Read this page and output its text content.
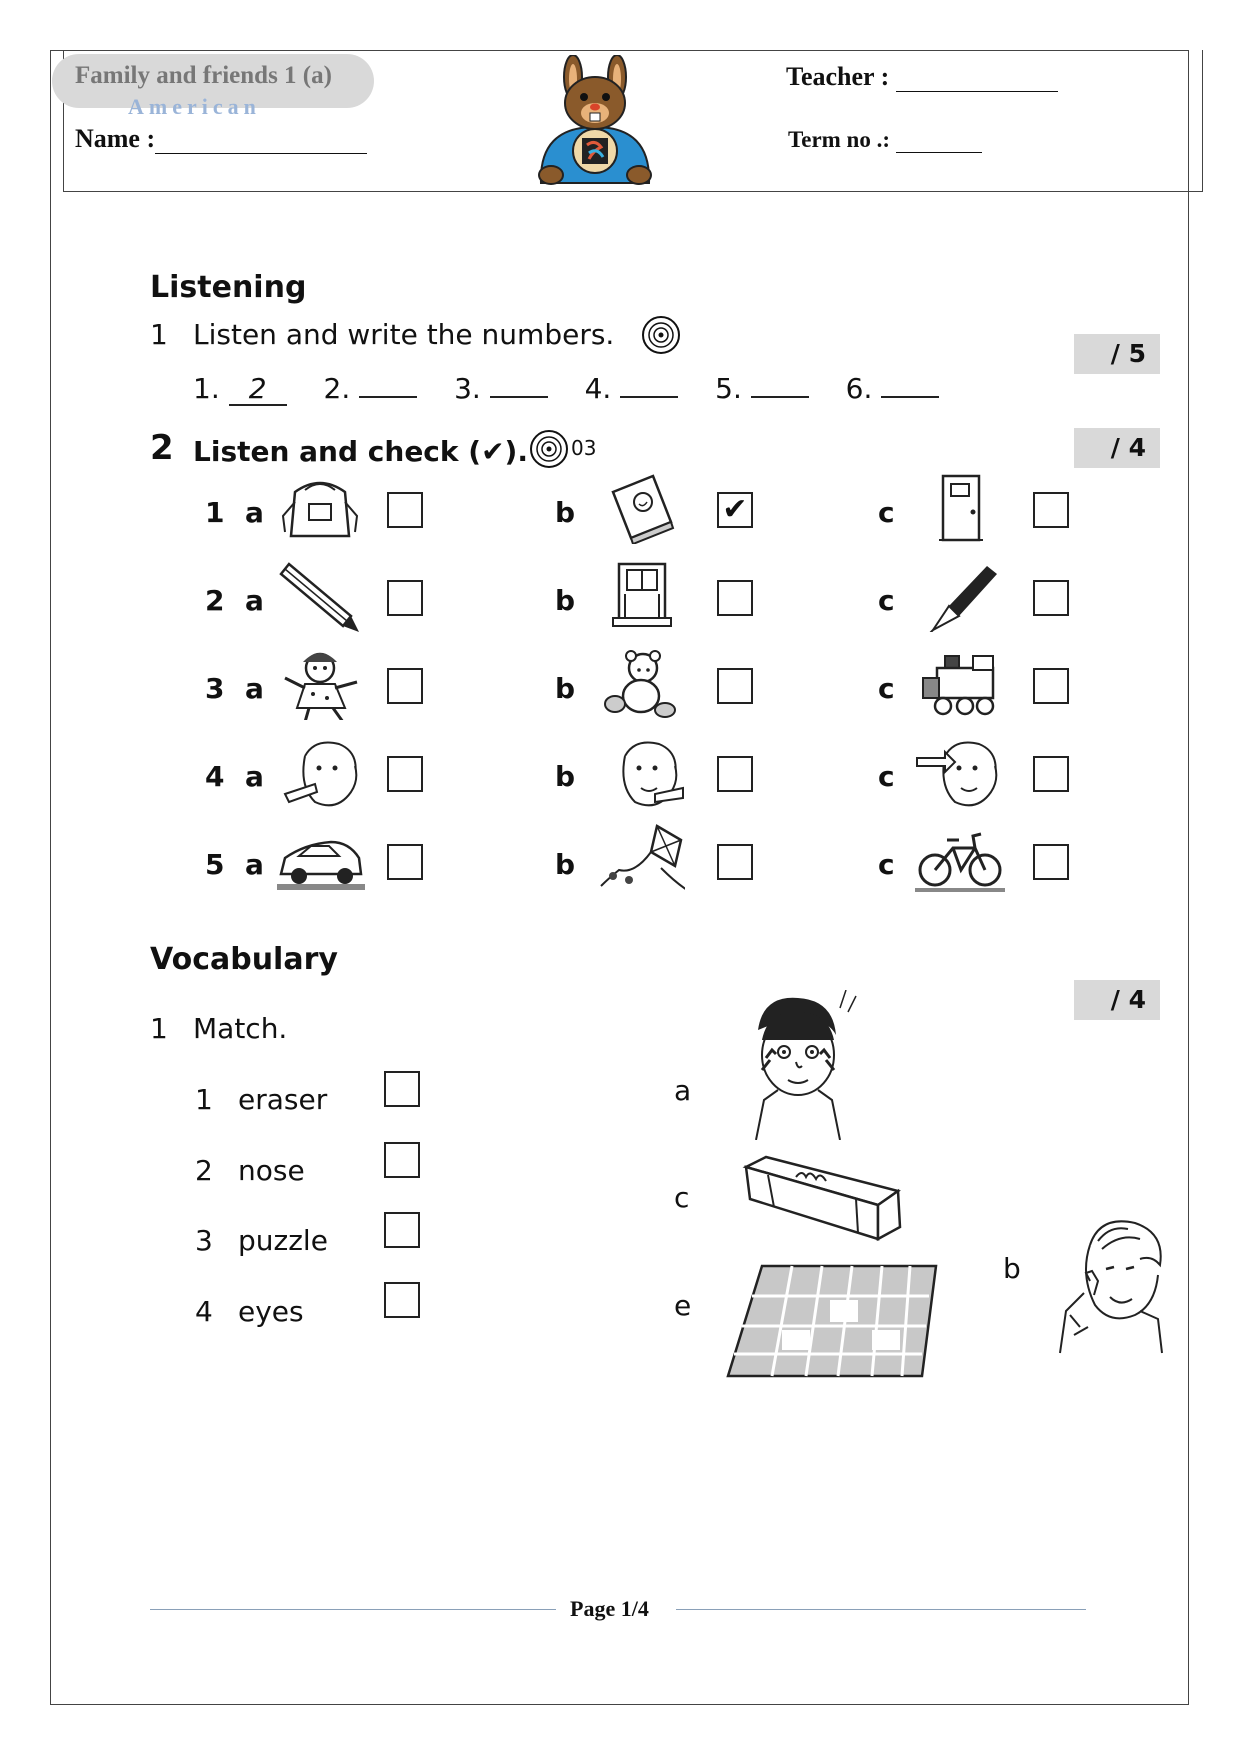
Family and friends 1 (a)
American
Name :
Teacher :
Term no .:
Listening
1 Listen and write the numbers.
/ 5
1. 2 2.	3.	4.	5.	6.
2 Listen and check (✔). 03	/ 4
1 a	b	✔	c
2 a	b	c
3 a	b	c
4 a	b	c
5 a	b	c
Vocabulary
/ 4
1 Match.
1 eraser
2 nose
3 puzzle
4 eyes
a
c
e
b
Page 1/4
